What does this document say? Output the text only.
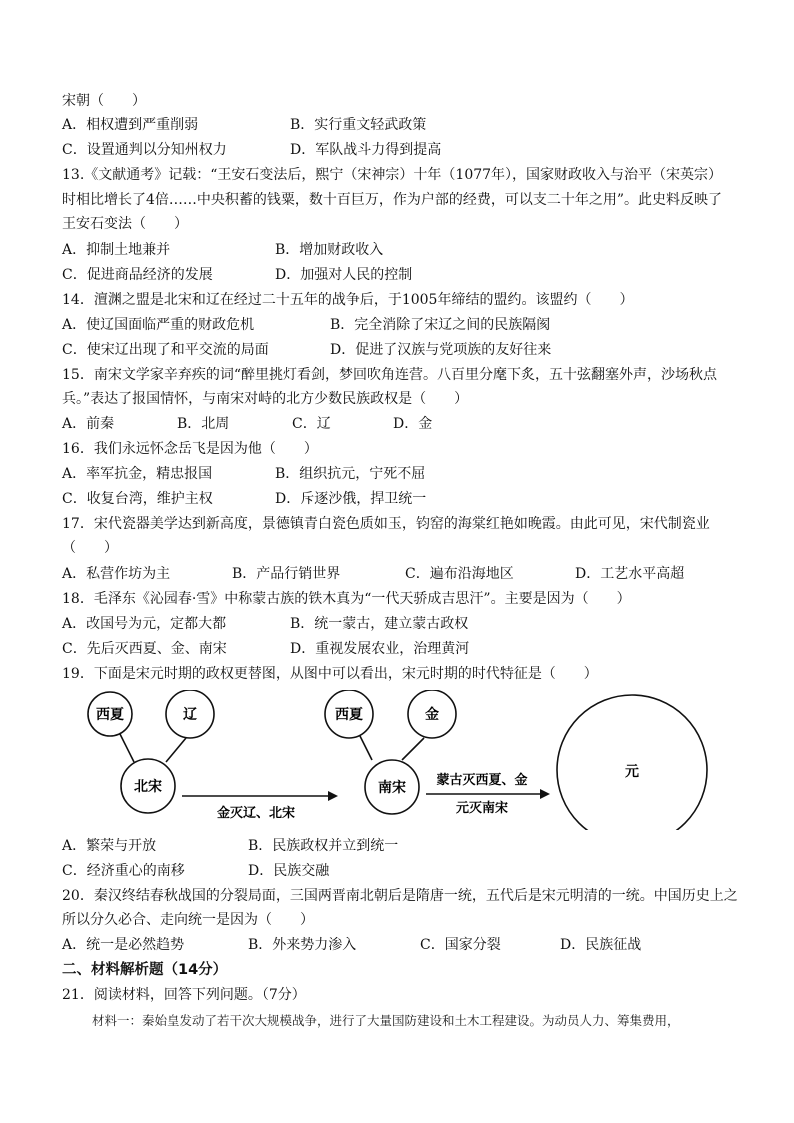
宋朝（　　）
A．相权遭到严重削弱	B．实行重文轻武政策
C．设置通判以分知州权力	D．军队战斗力得到提高
13.《文献通考》记载：“王安石变法后，熙宁（宋神宗）十年（1077年），国家财政收入与治平（宋英宗）
时相比增长了4倍……中央积蓄的钱粟，数十百巨万，作为户部的经费，可以支二十年之用”。此史料反映了
王安石变法（　　）
A．抑制土地兼并	B．增加财政收入
C．促进商品经济的发展	D．加强对人民的控制
14．澶渊之盟是北宋和辽在经过二十五年的战争后，于1005年缔结的盟约。该盟约（　　）
A．使辽国面临严重的财政危机	B．完全消除了宋辽之间的民族隔阂
C．使宋辽出现了和平交流的局面	D．促进了汉族与党项族的友好往来
15．南宋文学家辛弃疾的词“醉里挑灯看剑，梦回吹角连营。八百里分麾下炙，五十弦翻塞外声，沙场秋点
兵。”表达了报国情怀，与南宋对峙的北方少数民族政权是（　　）
A．前秦	B．北周	C．辽	D．金
16．我们永远怀念岳飞是因为他（　　）
A．率军抗金，精忠报国	B．组织抗元，宁死不屈
C．收复台湾，维护主权	D．斥逐沙俄，捍卫统一
17．宋代瓷器美学达到新高度，景德镇青白瓷色质如玉，钧窑的海棠红艳如晚霞。由此可见，宋代制瓷业
（　　）
A．私营作坊为主	B．产品行销世界	C．遍布沿海地区	D．工艺水平高超
18．毛泽东《沁园春·雪》中称蒙古族的铁木真为“一代天骄成吉思汗”。主要是因为（　　）
A．改国号为元，定都大都	B．统一蒙古，建立蒙古政权
C．先后灭西夏、金、南宋	D．重视发展农业，治理黄河
19．下面是宋元时期的政权更替图，从图中可以看出，宋元时期的时代特征是（　　）
西夏	辽
北宋
金灭辽、北宋
西夏	金
南宋 蒙古灭西夏、金
元灭南宋
元
A．繁荣与开放	B．民族政权并立到统一
C．经济重心的南移	D．民族交融
20．秦汉终结春秋战国的分裂局面，三国两晋南北朝后是隋唐一统，五代后是宋元明清的一统。中国历史上之
所以分久必合、走向统一是因为（　　）
A．统一是必然趋势	B．外来势力渗入	C．国家分裂	D．民族征战
二、材料解析题（14分）
21．阅读材料，回答下列问题。（7分）
材料一：秦始皇发动了若干次大规模战争，进行了大量国防建设和土木工程建设。为动员人力、筹集费用，
